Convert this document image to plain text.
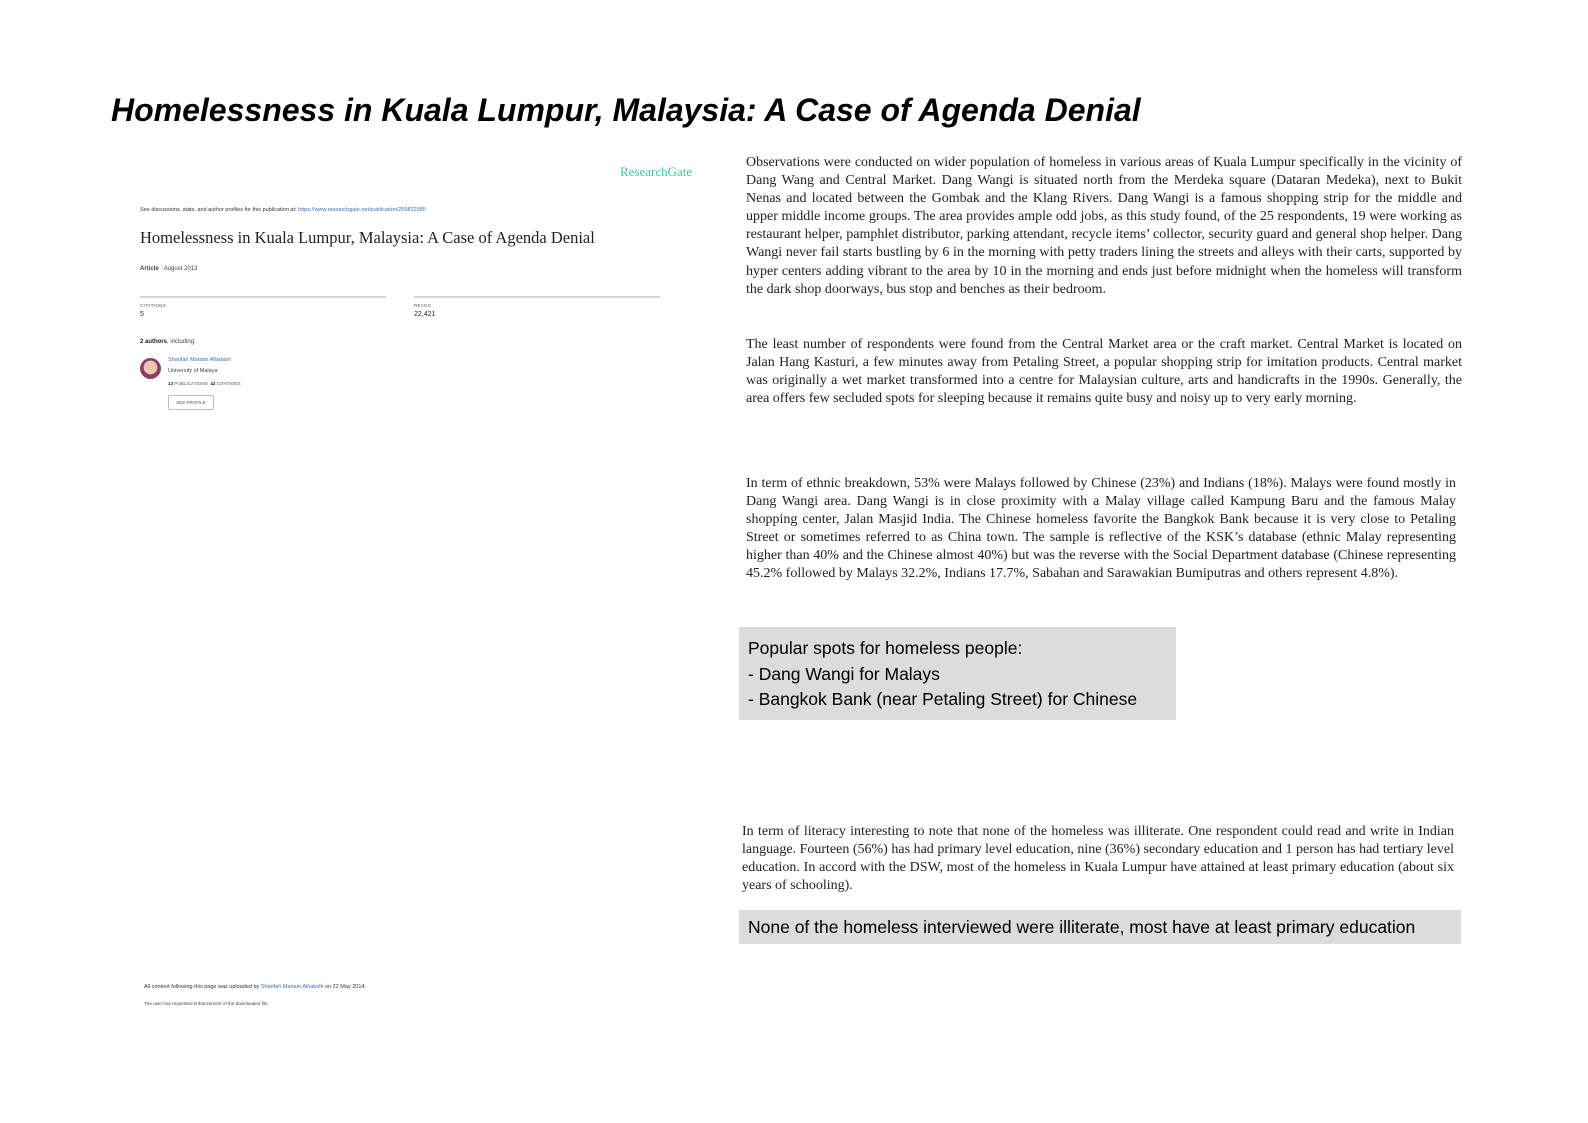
Homelessness in Kuala Lumpur, Malaysia: A Case of Agenda Denial
ResearchGate
See discussions, stats, and author profiles for this publication at: https://www.researchgate.net/publication/255822985
Homelessness in Kuala Lumpur, Malaysia: A Case of Agenda Denial
Article · August 2013
CITATIONS
5
READS
22,421
2 authors, including:
Sharifah Mariam Alhabshi
University of Malaya
13 PUBLICATIONS 42 CITATIONS
SEE PROFILE
All content following this page was uploaded by Sharifah Mariam Alhabshi on 22 May 2014.
The user has requested enhancement of the downloaded file.

Observations were conducted on wider population of homeless in various areas of Kuala Lumpur specifically in the vicinity of Dang Wang and Central Market. Dang Wangi is situated north from the Merdeka square (Dataran Medeka), next to Bukit Nenas and located between the Gombak and the Klang Rivers. Dang Wangi is a famous shopping strip for the middle and upper middle income groups. The area provides ample odd jobs, as this study found, of the 25 respondents, 19 were working as restaurant helper, pamphlet distributor, parking attendant, recycle items’ collector, security guard and general shop helper. Dang Wangi never fail starts bustling by 6 in the morning with petty traders lining the streets and alleys with their carts, supported by hyper centers adding vibrant to the area by 10 in the morning and ends just before midnight when the homeless will transform the dark shop doorways, bus stop and benches as their bedroom.

The least number of respondents were found from the Central Market area or the craft market. Central Market is located on Jalan Hang Kasturi, a few minutes away from Petaling Street, a popular shopping strip for imitation products. Central market was originally a wet market transformed into a centre for Malaysian culture, arts and handicrafts in the 1990s. Generally, the area offers few secluded spots for sleeping because it remains quite busy and noisy up to very early morning.

In term of ethnic breakdown, 53% were Malays followed by Chinese (23%) and Indians (18%). Malays were found mostly in Dang Wangi area. Dang Wangi is in close proximity with a Malay village called Kampung Baru and the famous Malay shopping center, Jalan Masjid India. The Chinese homeless favorite the Bangkok Bank because it is very close to Petaling Street or sometimes referred to as China town. The sample is reflective of the KSK’s database (ethnic Malay representing higher than 40% and the Chinese almost 40%) but was the reverse with the Social Department database (Chinese representing 45.2% followed by Malays 32.2%, Indians 17.7%, Sabahan and Sarawakian Bumiputras and others represent 4.8%).

Popular spots for homeless people:
- Dang Wangi for Malays
- Bangkok Bank (near Petaling Street) for Chinese

In term of literacy interesting to note that none of the homeless was illiterate. One respondent could read and write in Indian language. Fourteen (56%) has had primary level education, nine (36%) secondary education and 1 person has had tertiary level education. In accord with the DSW, most of the homeless in Kuala Lumpur have attained at least primary education (about six years of schooling).

None of the homeless interviewed were illiterate, most have at least primary education
